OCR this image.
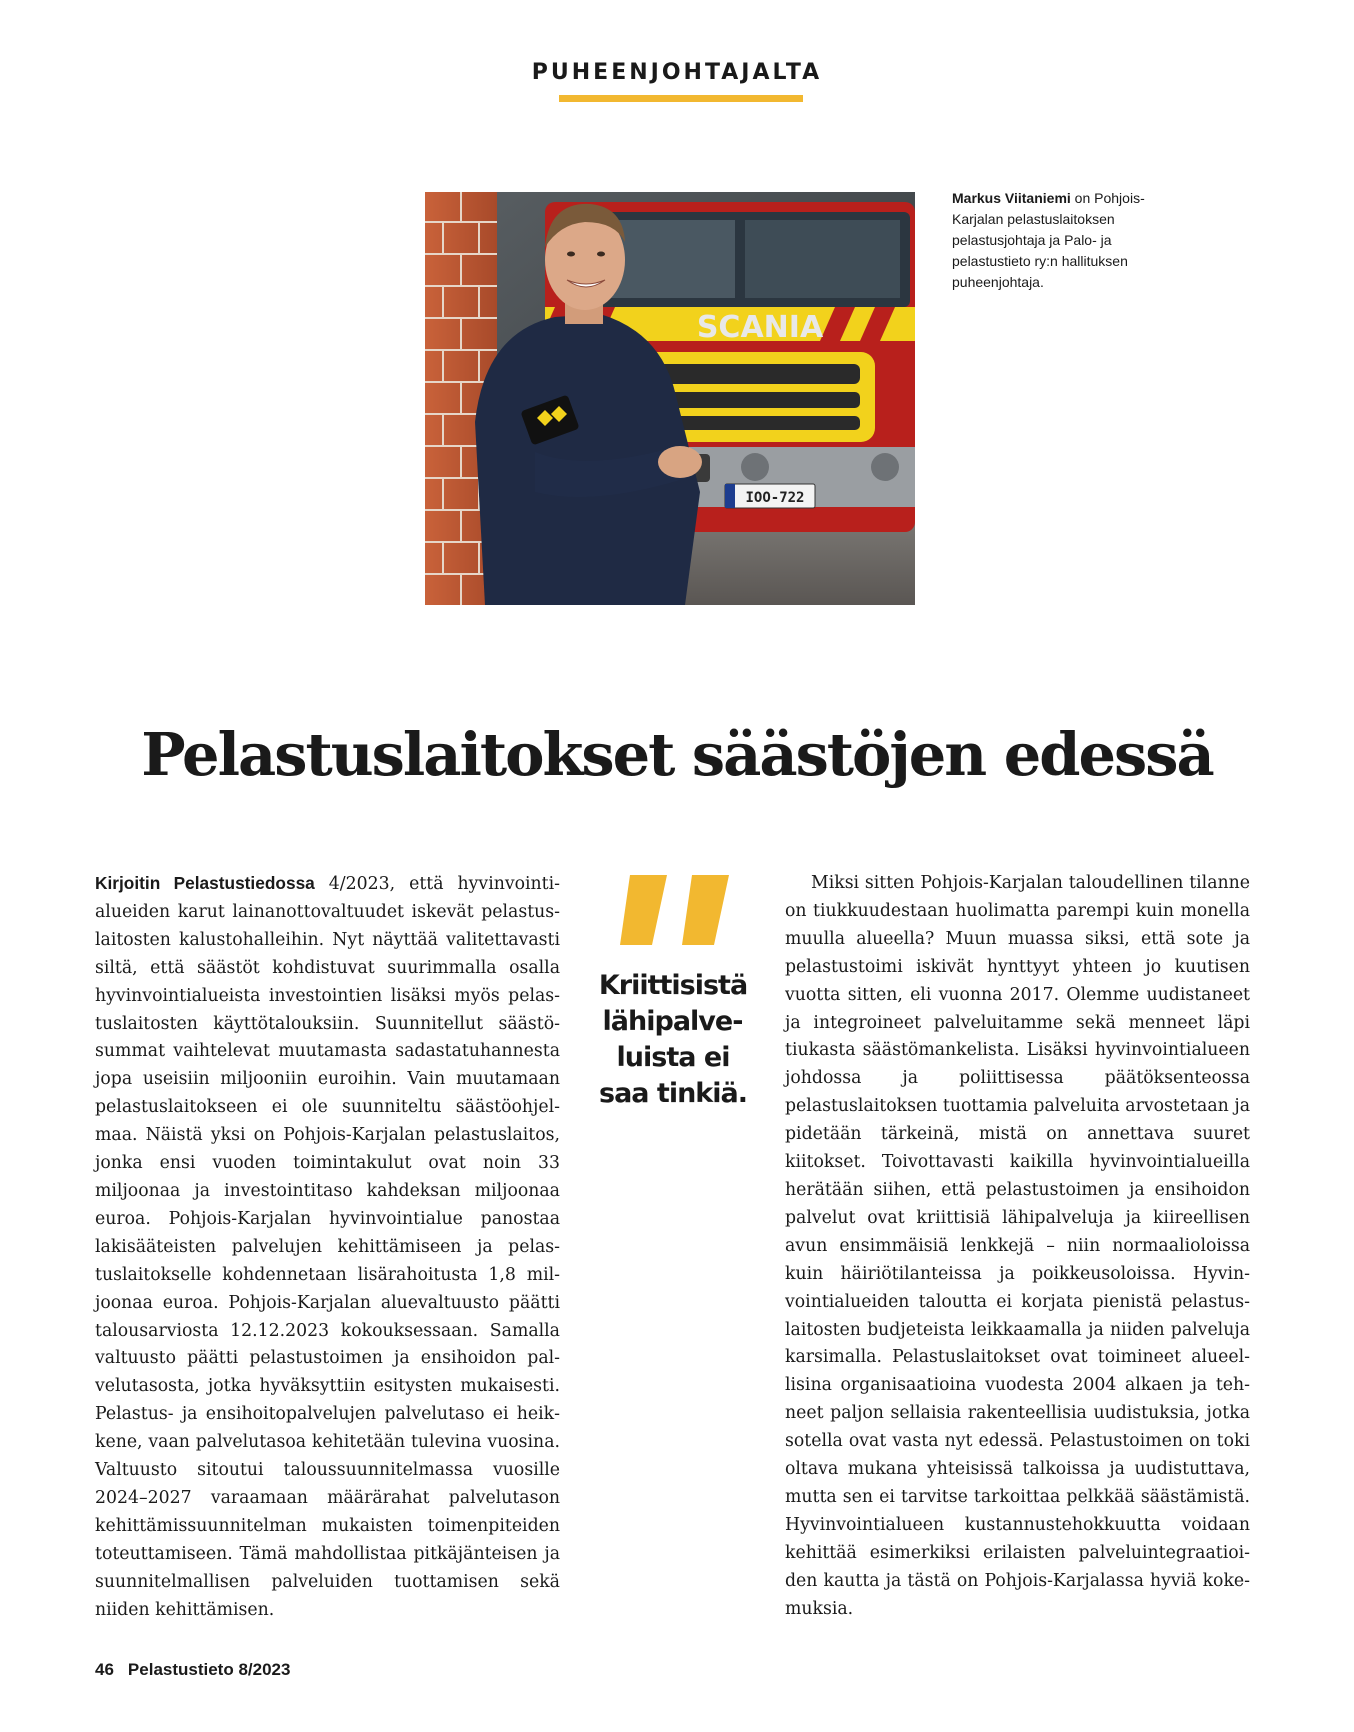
PUHEENJOHTAJALTA
SCANIA
IOO-722
Markus Viitaniemi on Pohjois-Karjalan pelastuslaitoksen pelastusjohtaja ja Palo- ja pelastustieto ry:n hallituksen puheenjohtaja.
Pelastuslaitokset säästöjen edessä

Kirjoitin Pelastustiedossa 4/2023, että hyvinvointialueiden karut lainanottovaltuudet iskevät pelastuslaitosten kalustohalleihin. Nyt näyttää valitettavasti siltä, että säästöt kohdistuvat suurimmalla osalla hyvinvointialueista investointien lisäksi myös pelastuslaitosten käyttötalouksiin. Suunnitellut säästösummat vaihtelevat muutamasta sadastatuhannesta jopa useisiin miljooniin euroihin. Vain muutamaan pelastuslaitokseen ei ole suunniteltu säästöohjelmaa. Näistä yksi on Pohjois-Karjalan pelastuslaitos, jonka ensi vuoden toimintakulut ovat noin 33 miljoonaa ja investointitaso kahdeksan miljoonaa euroa. Pohjois-Karjalan hyvinvointialue panostaa lakisääteisten palvelujen kehittämiseen ja pelastuslaitokselle kohdennetaan lisärahoitusta 1,8 miljoonaa euroa. Pohjois-Karjalan aluevaltuusto päätti talousarviosta 12.12.2023 kokouksessaan. Samalla valtuusto päätti pelastustoimen ja ensihoidon palvelutasosta, jotka hyväksyttiin esitysten mukaisesti. Pelastus- ja ensihoitopalvelujen palvelutaso ei heikkene, vaan palvelutasoa kehitetään tulevina vuosina. Valtuusto sitoutui taloussuunnitelmassa vuosille 2024–2027 varaamaan määrärahat palvelutason kehittämissuunnitelman mukaisten toimenpiteiden toteuttamiseen. Tämä mahdollistaa pitkäjänteisen ja suunnitelmallisen palveluiden tuottamisen sekä niiden kehittämisen.

Kriittisistä lähipalveluista ei saa tinkiä.

Miksi sitten Pohjois-Karjalan taloudellinen tilanne on tiukkuudestaan huolimatta parempi kuin monella muulla alueella? Muun muassa siksi, että sote ja pelastustoimi iskivät hynttyyt yhteen jo kuutisen vuotta sitten, eli vuonna 2017. Olemme uudistaneet ja integroineet palveluitamme sekä menneet läpi tiukasta säästömankelista. Lisäksi hyvinvointialueen johdossa ja poliittisessa päätöksenteossa pelastuslaitoksen tuottamia palveluita arvostetaan ja pidetään tärkeinä, mistä on annettava suuret kiitokset. Toivottavasti kaikilla hyvinvointialueilla herätään siihen, että pelastustoimen ja ensihoidon palvelut ovat kriittisiä lähipalveluja ja kiireellisen avun ensimmäisiä lenkkejä – niin normaalioloissa kuin häiriötilanteissa ja poikkeusoloissa. Hyvinvointialueiden taloutta ei korjata pienistä pelastuslaitosten budjeteista leikkaamalla ja niiden palveluja karsimalla. Pelastuslaitokset ovat toimineet alueellisina organisaatioina vuodesta 2004 alkaen ja tehneet paljon sellaisia rakenteellisia uudistuksia, jotka sotella ovat vasta nyt edessä. Pelastustoimen on toki oltava mukana yhteisissä talkoissa ja uudistuttava, mutta sen ei tarvitse tarkoittaa pelkkää säästämistä. Hyvinvointialueen kustannustehokkuutta voidaan kehittää esimerkiksi erilaisten palveluintegraatioiden kautta ja tästä on Pohjois-Karjalassa hyviä kokemuksia.

46 Pelastustieto 8/2023
